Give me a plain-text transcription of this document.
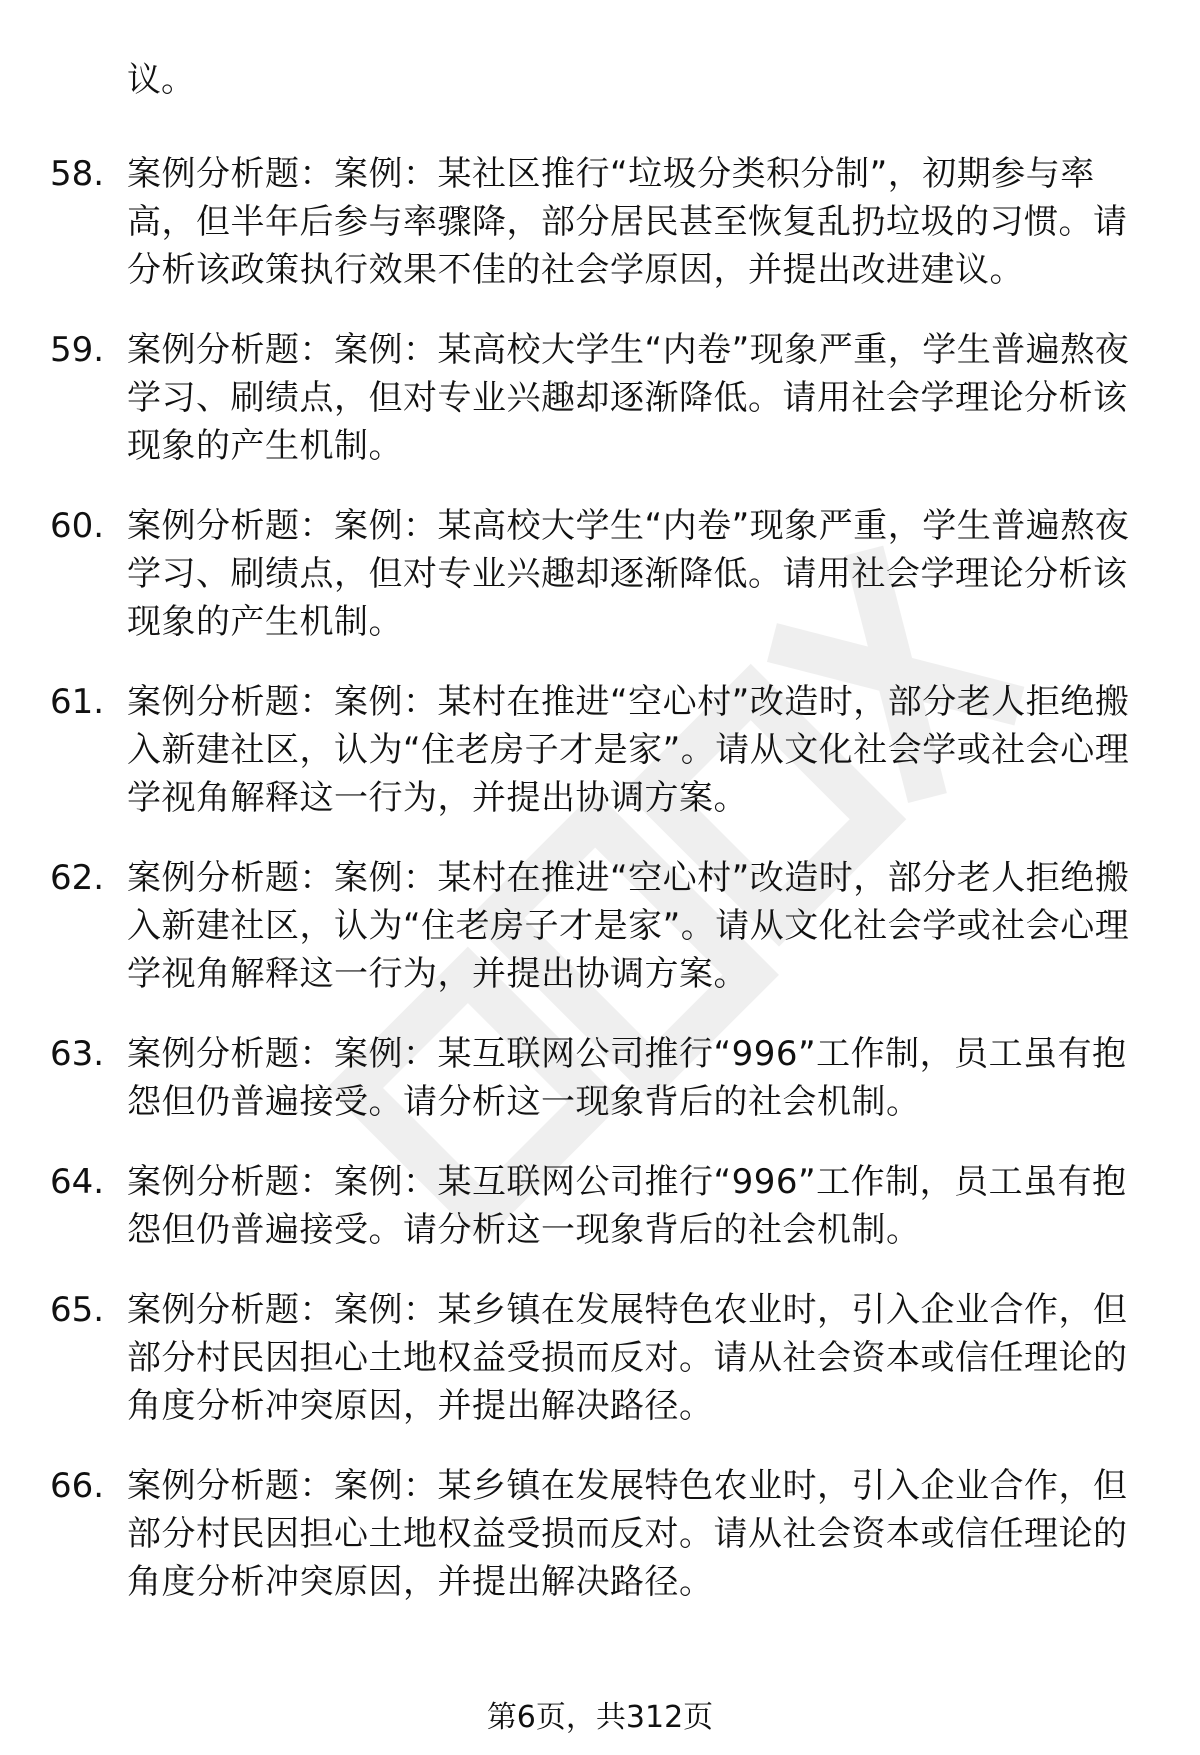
议。
58. 案例分析题：案例：某社区推行“垃圾分类积分制”，初期参与率高，但半年后参与率骤降，部分居民甚至恢复乱扔垃圾的习惯。请分析该政策执行效果不佳的社会学原因，并提出改进建议。
59. 案例分析题：案例：某高校大学生“内卷”现象严重，学生普遍熬夜学习、刷绩点，但对专业兴趣却逐渐降低。请用社会学理论分析该现象的产生机制。
60. 案例分析题：案例：某高校大学生“内卷”现象严重，学生普遍熬夜学习、刷绩点，但对专业兴趣却逐渐降低。请用社会学理论分析该现象的产生机制。
61. 案例分析题：案例：某村在推进“空心村”改造时，部分老人拒绝搬入新建社区，认为“住老房子才是家”。请从文化社会学或社会心理学视角解释这一行为，并提出协调方案。
62. 案例分析题：案例：某村在推进“空心村”改造时，部分老人拒绝搬入新建社区，认为“住老房子才是家”。请从文化社会学或社会心理学视角解释这一行为，并提出协调方案。
63. 案例分析题：案例：某互联网公司推行“996”工作制，员工虽有抱怨但仍普遍接受。请分析这一现象背后的社会机制。
64. 案例分析题：案例：某互联网公司推行“996”工作制，员工虽有抱怨但仍普遍接受。请分析这一现象背后的社会机制。
65. 案例分析题：案例：某乡镇在发展特色农业时，引入企业合作，但部分村民因担心土地权益受损而反对。请从社会资本或信任理论的角度分析冲突原因，并提出解决路径。
66. 案例分析题：案例：某乡镇在发展特色农业时，引入企业合作，但部分村民因担心土地权益受损而反对。请从社会资本或信任理论的角度分析冲突原因，并提出解决路径。
第6页，共312页
